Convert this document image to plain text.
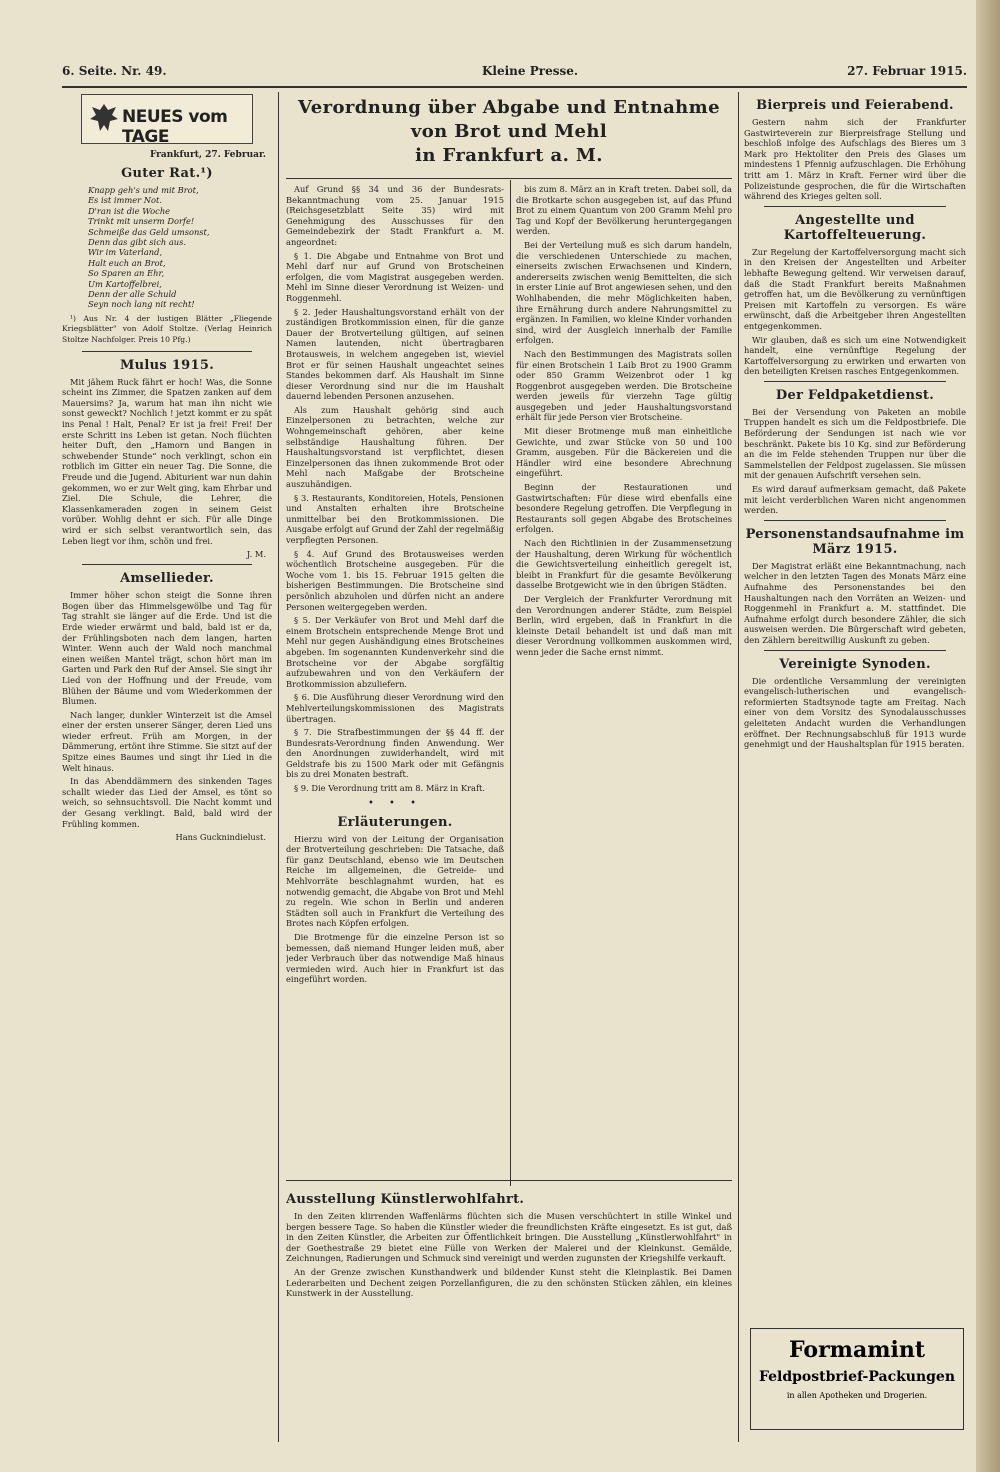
6. Seite. Nr. 49.	Kleine Presse.	27. Februar 1915.
NEUES vom TAGE
Frankfurt, 27. Februar.
Guter Rat.¹)
Knapp geh's und mit Brot,
Es ist immer Not.
D'ran ist die Woche
Trinkt mit unserm Dorfe!
Schmeiße das Geld umsonst,
Denn das gibt sich aus.
Wir im Vaterland,
Halt euch an Brot,
So Sparen an Ehr,
Um Kartoffelbrei,
Denn der alle Schuld
Seyn noch lang nit recht!

¹) Aus Nr. 4 der lustigen Blätter „Fliegende Kriegsblätter" von Adolf Stoltze. (Verlag Heinrich Stoltze Nachfolger. Preis 10 Pfg.)

Mulus 1915.

Mit jähem Ruck fährt er hoch! Was, die Sonne scheint ins Zimmer, die Spatzen zanken auf dem Mauersims? Ja, warum hat man ihn nicht wie sonst geweckt? Nochlich ! jetzt kommt er zu spät ins Penal ! Halt, Penal? Er ist ja frei! Frei! Der erste Schritt ins Leben ist getan. Noch flüchten heiter Duft, den „Hamorn und Bangen in schwebender Stunde“ noch verklingt, schon ein rotblich im Gitter ein neuer Tag. Die Sonne, die Freude und die Jugend. Abiturient war nun dahin gekommen, wo er zur Welt ging, kam Ehrbar und Ziel. Die Schule, die Lehrer, die Klassenkameraden zogen in seinem Geist vorüber. Wohlig dehnt er sich. Für alle Dinge wird er sich selbst verantwortlich sein, das Leben liegt vor ihm, schön und frei.

J. M.
Amsellieder.

Immer höher schon steigt die Sonne ihren Bogen über das Himmelsgewölbe und Tag für Tag strahlt sie länger auf die Erde. Und ist die Erde wieder erwärmt und bald, bald ist er da, der Frühlingsboten nach dem langen, harten Winter. Wenn auch der Wald noch manchmal einen weißen Mantel trägt, schon hört man im Garten und Park den Ruf der Amsel. Sie singt ihr Lied von der Hoffnung und der Freude, vom Blühen der Bäume und vom Wiederkommen der Blumen.

Nach langer, dunkler Winterzeit ist die Amsel einer der ersten unserer Sänger, deren Lied uns wieder erfreut. Früh am Morgen, in der Dämmerung, ertönt ihre Stimme. Sie sitzt auf der Spitze eines Baumes und singt ihr Lied in die Welt hinaus.

In das Abenddämmern des sinkenden Tages schallt wieder das Lied der Amsel, es tönt so weich, so sehnsuchtsvoll. Die Nacht kommt und der Gesang verklingt. Bald, bald wird der Frühling kommen.

Hans Gucknindielust.
Verordnung über Abgabe und Entnahme von Brot und Mehl
in Frankfurt a. M.

Auf Grund §§ 34 und 36 der Bundesrats-Bekanntmachung vom 25. Januar 1915 (Reichsgesetzblatt Seite 35) wird mit Genehmigung des Ausschusses für den Gemeindebezirk der Stadt Frankfurt a. M. angeordnet:

§ 1. Die Abgabe und Entnahme von Brot und Mehl darf nur auf Grund von Brotscheinen erfolgen, die vom Magistrat ausgegeben werden. Mehl im Sinne dieser Verordnung ist Weizen- und Roggenmehl.

§ 2. Jeder Haushaltungsvorstand erhält von der zuständigen Brotkommission einen, für die ganze Dauer der Brotverteilung gültigen, auf seinen Namen lautenden, nicht übertragbaren Brotausweis, in welchem angegeben ist, wieviel Brot er für seinen Haushalt ungeachtet seines Standes bekommen darf. Als Haushalt im Sinne dieser Verordnung sind nur die im Haushalt dauernd lebenden Personen anzusehen.

Als zum Haushalt gehörig sind auch Einzelpersonen zu betrachten, welche zur Wohngemeinschaft gehören, aber keine selbständige Haushaltung führen. Der Haushaltungsvorstand ist verpflichtet, diesen Einzelpersonen das ihnen zukommende Brot oder Mehl nach Maßgabe der Brotscheine auszuhändigen.

§ 3. Restaurants, Konditoreien, Hotels, Pensionen und Anstalten erhalten ihre Brotscheine unmittelbar bei den Brotkommissionen. Die Ausgabe erfolgt auf Grund der Zahl der regelmäßig verpflegten Personen.

§ 4. Auf Grund des Brotausweises werden wöchentlich Brotscheine ausgegeben. Für die Woche vom 1. bis 15. Februar 1915 gelten die bisherigen Bestimmungen. Die Brotscheine sind persönlich abzuholen und dürfen nicht an andere Personen weitergegeben werden.

§ 5. Der Verkäufer von Brot und Mehl darf die einem Brotschein entsprechende Menge Brot und Mehl nur gegen Aushändigung eines Brotscheines abgeben. Im sogenannten Kundenverkehr sind die Brotscheine vor der Abgabe sorgfältig aufzubewahren und von den Verkäufern der Brotkommission abzuliefern.

§ 6. Die Ausführung dieser Verordnung wird den Mehlverteilungskommissionen des Magistrats übertragen.

§ 7. Die Strafbestimmungen der §§ 44 ff. der Bundesrats-Verordnung finden Anwendung. Wer den Anordnungen zuwiderhandelt, wird mit Geldstrafe bis zu 1500 Mark oder mit Gefängnis bis zu drei Monaten bestraft.

§ 9. Die Verordnung tritt am 8. März in Kraft.

• • •
Erläuterungen.

Hierzu wird von der Leitung der Organisation der Brotverteilung geschrieben: Die Tatsache, daß für ganz Deutschland, ebenso wie im Deutschen Reiche im allgemeinen, die Getreide- und Mehlvorräte beschlagnahmt wurden, hat es notwendig gemacht, die Abgabe von Brot und Mehl zu regeln. Wie schon in Berlin und anderen Städten soll auch in Frankfurt die Verteilung des Brotes nach Köpfen erfolgen.

Die Brotmenge für die einzelne Person ist so bemessen, daß niemand Hunger leiden muß, aber jeder Verbrauch über das notwendige Maß hinaus vermieden wird. Auch hier in Frankfurt ist das eingeführt worden.

bis zum 8. März an in Kraft treten. Dabei soll, da die Brotkarte schon ausgegeben ist, auf das Pfund Brot zu einem Quantum von 200 Gramm Mehl pro Tag und Kopf der Bevölkerung heruntergegangen werden.

Bei der Verteilung muß es sich darum handeln, die verschiedenen Unterschiede zu machen, einerseits zwischen Erwachsenen und Kindern, andererseits zwischen wenig Bemittelten, die sich in erster Linie auf Brot angewiesen sehen, und den Wohlhabenden, die mehr Möglichkeiten haben, ihre Ernährung durch andere Nahrungsmittel zu ergänzen. In Familien, wo kleine Kinder vorhanden sind, wird der Ausgleich innerhalb der Familie erfolgen.

Nach den Bestimmungen des Magistrats sollen für einen Brotschein 1 Laib Brot zu 1900 Gramm oder 850 Gramm Weizenbrot oder 1 kg Roggenbrot ausgegeben werden. Die Brotscheine werden jeweils für vierzehn Tage gültig ausgegeben und jeder Haushaltungsvorstand erhält für jede Person vier Brotscheine.

Mit dieser Brotmenge muß man einheitliche Gewichte, und zwar Stücke von 50 und 100 Gramm, ausgeben. Für die Bäckereien und die Händler wird eine besondere Abrechnung eingeführt.

Beginn der Restaurationen und Gastwirtschaften: Für diese wird ebenfalls eine besondere Regelung getroffen. Die Verpflegung in Restaurants soll gegen Abgabe des Brotscheines erfolgen.

Nach den Richtlinien in der Zusammensetzung der Haushaltung, deren Wirkung für wöchentlich die Gewichtsverteilung einheitlich geregelt ist, bleibt in Frankfurt für die gesamte Bevölkerung dasselbe Brotgewicht wie in den übrigen Städten.

Der Vergleich der Frankfurter Verordnung mit den Verordnungen anderer Städte, zum Beispiel Berlin, wird ergeben, daß in Frankfurt in die kleinste Detail behandelt ist und daß man mit dieser Verordnung vollkommen auskommen wird, wenn jeder die Sache ernst nimmt.

Ausstellung Künstlerwohlfahrt.

In den Zeiten klirrenden Waffenlärms flüchten sich die Musen verschüchtert in stille Winkel und bergen bessere Tage. So haben die Künstler wieder die freundlichsten Kräfte eingesetzt. Es ist gut, daß in den Zeiten Künstler, die Arbeiten zur Öffentlichkeit bringen. Die Ausstellung „Künstlerwohlfahrt" in der Goethestraße 29 bietet eine Fülle von Werken der Malerei und der Kleinkunst. Gemälde, Zeichnungen, Radierungen und Schmuck sind vereinigt und werden zugunsten der Kriegshilfe verkauft.

An der Grenze zwischen Kunsthandwerk und bildender Kunst steht die Kleinplastik. Bei Damen Lederarbeiten und Dechent zeigen Porzellanfiguren, die zu den schönsten Stücken zählen, ein kleines Kunstwerk in der Ausstellung.

Bierpreis und Feierabend.

Gestern nahm sich der Frankfurter Gastwirteverein zur Bierpreisfrage Stellung und beschloß infolge des Aufschlags des Bieres um 3 Mark pro Hektoliter den Preis des Glases um mindestens 1 Pfennig aufzuschlagen. Die Erhöhung tritt am 1. März in Kraft. Ferner wird über die Polizeistunde gesprochen, die für die Wirtschaften während des Krieges gelten soll.

Angestellte und Kartoffelteuerung.

Zur Regelung der Kartoffelversorgung macht sich in den Kreisen der Angestellten und Arbeiter lebhafte Bewegung geltend. Wir verweisen darauf, daß die Stadt Frankfurt bereits Maßnahmen getroffen hat, um die Bevölkerung zu vernünftigen Preisen mit Kartoffeln zu versorgen. Es wäre erwünscht, daß die Arbeitgeber ihren Angestellten entgegenkommen.

Wir glauben, daß es sich um eine Notwendigkeit handelt, eine vernünftige Regelung der Kartoffelversorgung zu erwirken und erwarten von den beteiligten Kreisen rasches Entgegenkommen.

Der Feldpaketdienst.

Bei der Versendung von Paketen an mobile Truppen handelt es sich um die Feldpostbriefe. Die Beförderung der Sendungen ist nach wie vor beschränkt. Pakete bis 10 Kg. sind zur Beförderung an die im Felde stehenden Truppen nur über die Sammelstellen der Feldpost zugelassen. Sie müssen mit der genauen Aufschrift versehen sein.

Es wird darauf aufmerksam gemacht, daß Pakete mit leicht verderblichen Waren nicht angenommen werden.

Personenstandsaufnahme im März 1915.

Der Magistrat erläßt eine Bekanntmachung, nach welcher in den letzten Tagen des Monats März eine Aufnahme des Personenstandes bei den Haushaltungen nach den Vorräten an Weizen- und Roggenmehl in Frankfurt a. M. stattfindet. Die Aufnahme erfolgt durch besondere Zähler, die sich ausweisen werden. Die Bürgerschaft wird gebeten, den Zählern bereitwillig Auskunft zu geben.

Vereinigte Synoden.

Die ordentliche Versammlung der vereinigten evangelisch-lutherischen und evangelisch-reformierten Stadtsynode tagte am Freitag. Nach einer von dem Vorsitz des Synodalausschusses geleiteten Andacht wurden die Verhandlungen eröffnet. Der Rechnungsabschluß für 1913 wurde genehmigt und der Haushaltsplan für 1915 beraten.

Formamint
Feldpostbrief-Packungen
in allen Apotheken und Drogerien.
